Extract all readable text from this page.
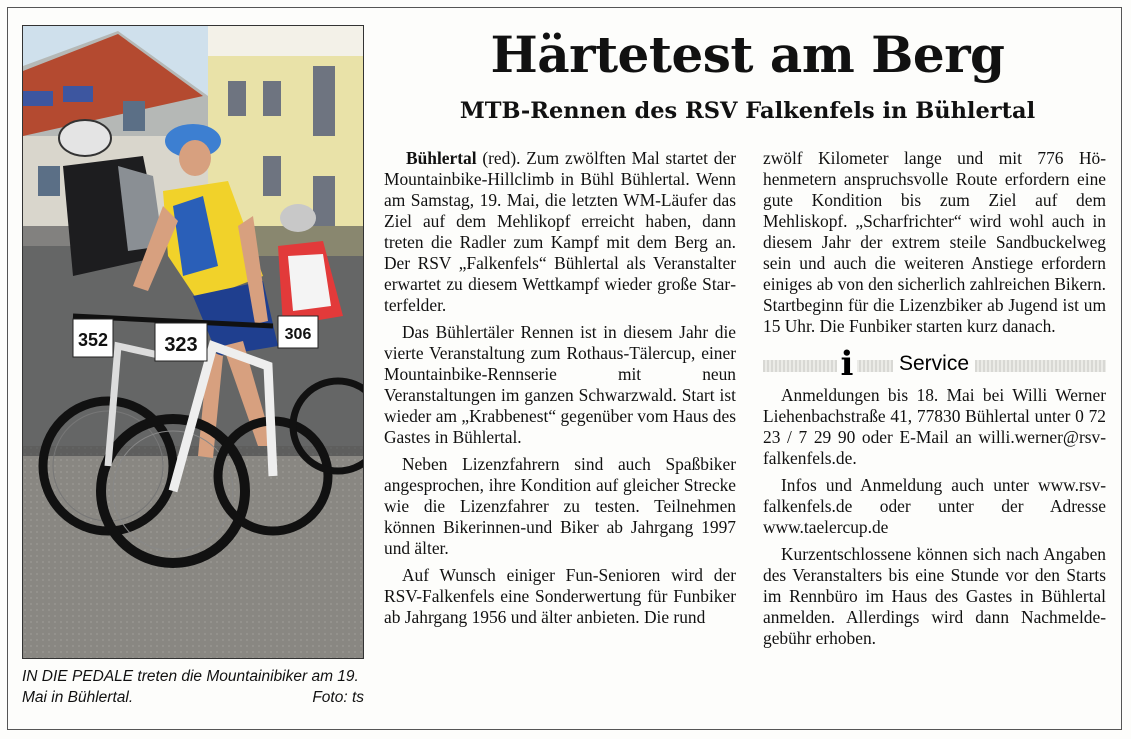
352	323	306
IN DIE PEDALE treten die Mountainibiker am 19. Mai in Bühlertal.	Foto: ts
Härtetest am Berg
MTB-Rennen des RSV Falkenfels in Bühlertal

Bühlertal (red). Zum zwölften Mal startet der Mountainbike-Hillclimb in Bühl Bühlertal. Wenn am Samstag, 19. Mai, die letzten WM-Läufer das Ziel auf dem Mehlikopf erreicht haben, dann treten die Radler zum Kampf mit dem Berg an. Der RSV „Falkenfels“ Bühlertal als Veranstalter erwartet zu diesem Wettkampf wieder große Starterfelder.

Das Bühlertäler Rennen ist in diesem Jahr die vierte Veranstaltung zum Rothaus-Tälercup, einer Mountainbike-Rennserie mit neun Veranstaltungen im ganzen Schwarzwald. Start ist wieder am „Krabbenest“ gegenüber vom Haus des Gastes in Bühlertal.

Neben Lizenzfahrern sind auch Spaßbiker angesprochen, ihre Kondition auf gleicher Strecke wie die Lizenzfahrer zu testen. Teilnehmen können Bikerinnen-und Biker ab Jahrgang 1997 und älter.

Auf Wunsch einiger Fun-Senioren wird der RSV-Falkenfels eine Sonderwertung für Funbiker ab Jahrgang 1956 und älter anbieten. Die rund

zwölf Kilometer lange und mit 776 Höhenmetern anspruchsvolle Route erfordern eine gute Kondition bis zum Ziel auf dem Mehliskopf. „Scharfrichter“ wird wohl auch in diesem Jahr der extrem steile Sandbuckelweg sein und auch die weiteren Anstiege erfordern einiges ab von den sicherlich zahlreichen Bikern. Startbeginn für die Lizenzbiker ab Jugend ist um 15 Uhr. Die Funbiker starten kurz danach.

i Service

Anmeldungen bis 18. Mai bei Willi Werner Liehenbachstraße 41, 77830 Bühlertal unter 0 72 23 / 7 29 90 oder E-Mail an willi.werner@rsv-falkenfels.de.

Infos und Anmeldung auch unter www.rsv-falkenfels.de oder unter der Adresse www.taelercup.de

Kurzentschlossene können sich nach Angaben des Veranstalters bis eine Stunde vor den Starts im Rennbüro im Haus des Gastes in Bühlertal anmelden. Allerdings wird dann Nachmeldegebühr erhoben.
